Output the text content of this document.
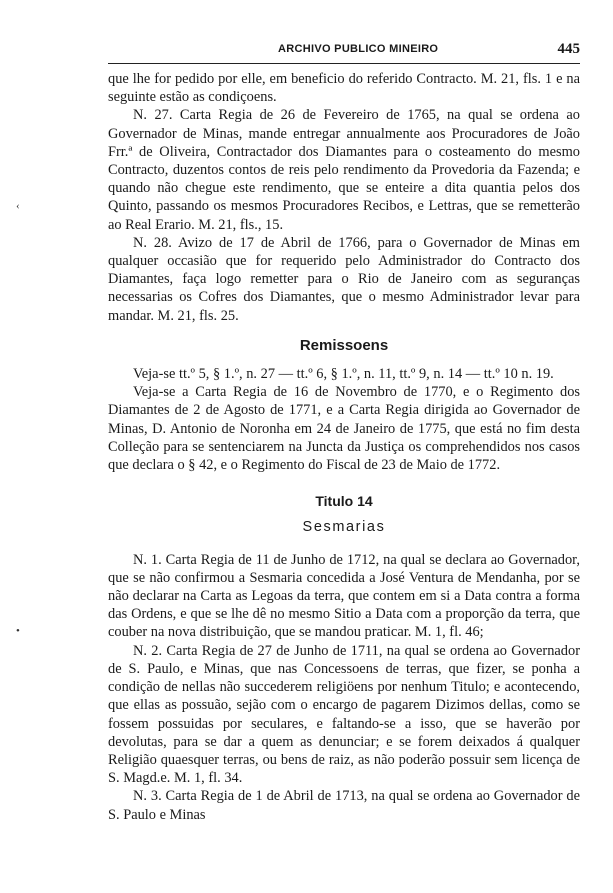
ARCHIVO PUBLICO MINEIRO	445
‹
•

que lhe for pedido por elle, em beneficio do referido Contracto. M. 21, fls. 1 e na seguinte estão as condiçoens.

N. 27. Carta Regia de 26 de Fevereiro de 1765, na qual se ordena ao Governador de Minas, mande entregar annualmente aos Procuradores de João Frr.ª de Oliveira, Contractador dos Diamantes para o costeamento do mesmo Contracto, duzentos contos de reis pelo rendimento da Provedoria da Fazenda; e quando não chegue este rendimento, que se enteire a dita quantia pelos dos Quinto, passando os mesmos Procuradores Recibos, e Lettras, que se remetterão ao Real Erario. M. 21, fls., 15.

N. 28. Avizo de 17 de Abril de 1766, para o Governador de Minas em qualquer occasião que for requerido pelo Administrador do Contracto dos Diamantes, faça logo remetter para o Rio de Janeiro com as seguranças necessarias os Cofres dos Diamantes, que o mesmo Administrador levar para mandar. M. 21, fls. 25.

Remissoens

Veja-se tt.º 5, § 1.º, n. 27 — tt.º 6, § 1.º, n. 11, tt.º 9, n. 14 — tt.º 10 n. 19.

Veja-se a Carta Regia de 16 de Novembro de 1770, e o Regimento dos Diamantes de 2 de Agosto de 1771, e a Carta Regia dirigida ao Governador de Minas, D. Antonio de Noronha em 24 de Janeiro de 1775, que está no fim desta Colleção para se sentenciarem na Juncta da Justiça os comprehendidos nos casos que declara o § 42, e o Regimento do Fiscal de 23 de Maio de 1772.

Titulo 14
Sesmarias

N. 1. Carta Regia de 11 de Junho de 1712, na qual se declara ao Governador, que se não confirmou a Sesmaria concedida a José Ventura de Mendanha, por se não declarar na Carta as Legoas da terra, que contem em si a Data contra a forma das Ordens, e que se lhe dê no mesmo Sitio a Data com a proporção da terra, que couber na nova distribuição, que se mandou praticar. M. 1, fl. 46;

N. 2. Carta Regia de 27 de Junho de 1711, na qual se ordena ao Governador de S. Paulo, e Minas, que nas Concessoens de terras, que fizer, se ponha a condição de nellas não succederem religiöens por nenhum Titulo; e acontecendo, que ellas as possuão, sejão com o encargo de pagarem Dizimos dellas, como se fossem possuidas por seculares, e faltando-se a isso, que se haverão por devolutas, para se dar a quem as denunciar; e se forem deixados á qualquer Religião quaesquer terras, ou bens de raiz, as não poderão possuir sem licença de S. Magd.e. M. 1, fl. 34.

N. 3. Carta Regia de 1 de Abril de 1713, na qual se ordena ao Governador de S. Paulo e Minas
